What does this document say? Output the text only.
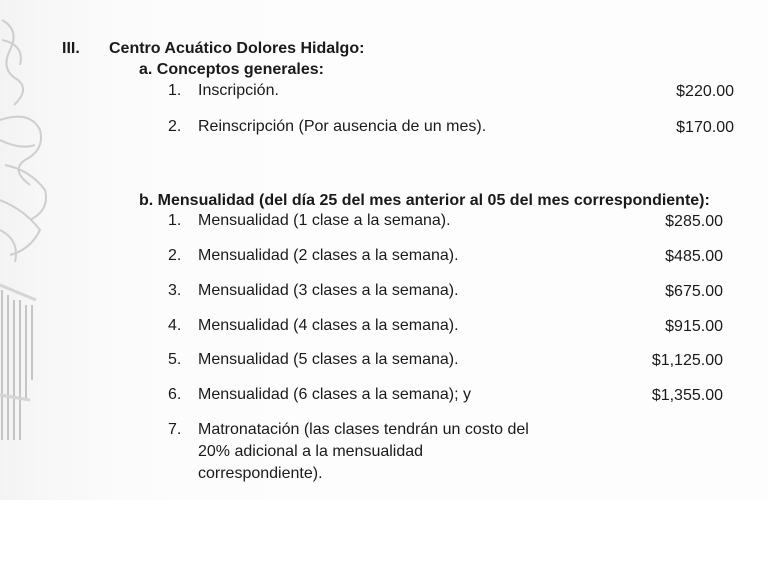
III. Centro Acuático Dolores Hidalgo:
a. Conceptos generales:
1. Inscripción.	$220.00
2. Reinscripción (Por ausencia de un mes).	$170.00
b. Mensualidad (del día 25 del mes anterior al 05 del mes correspondiente):
1. Mensualidad (1 clase a la semana).	$285.00
2. Mensualidad (2 clases a la semana).	$485.00
3. Mensualidad (3 clases a la semana).	$675.00
4. Mensualidad (4 clases a la semana).	$915.00
5. Mensualidad (5 clases a la semana).	$1,125.00
6. Mensualidad (6 clases a la semana); y	$1,355.00
7. Matronatación (las clases tendrán un costo del
20% adicional a la mensualidad
correspondiente).
